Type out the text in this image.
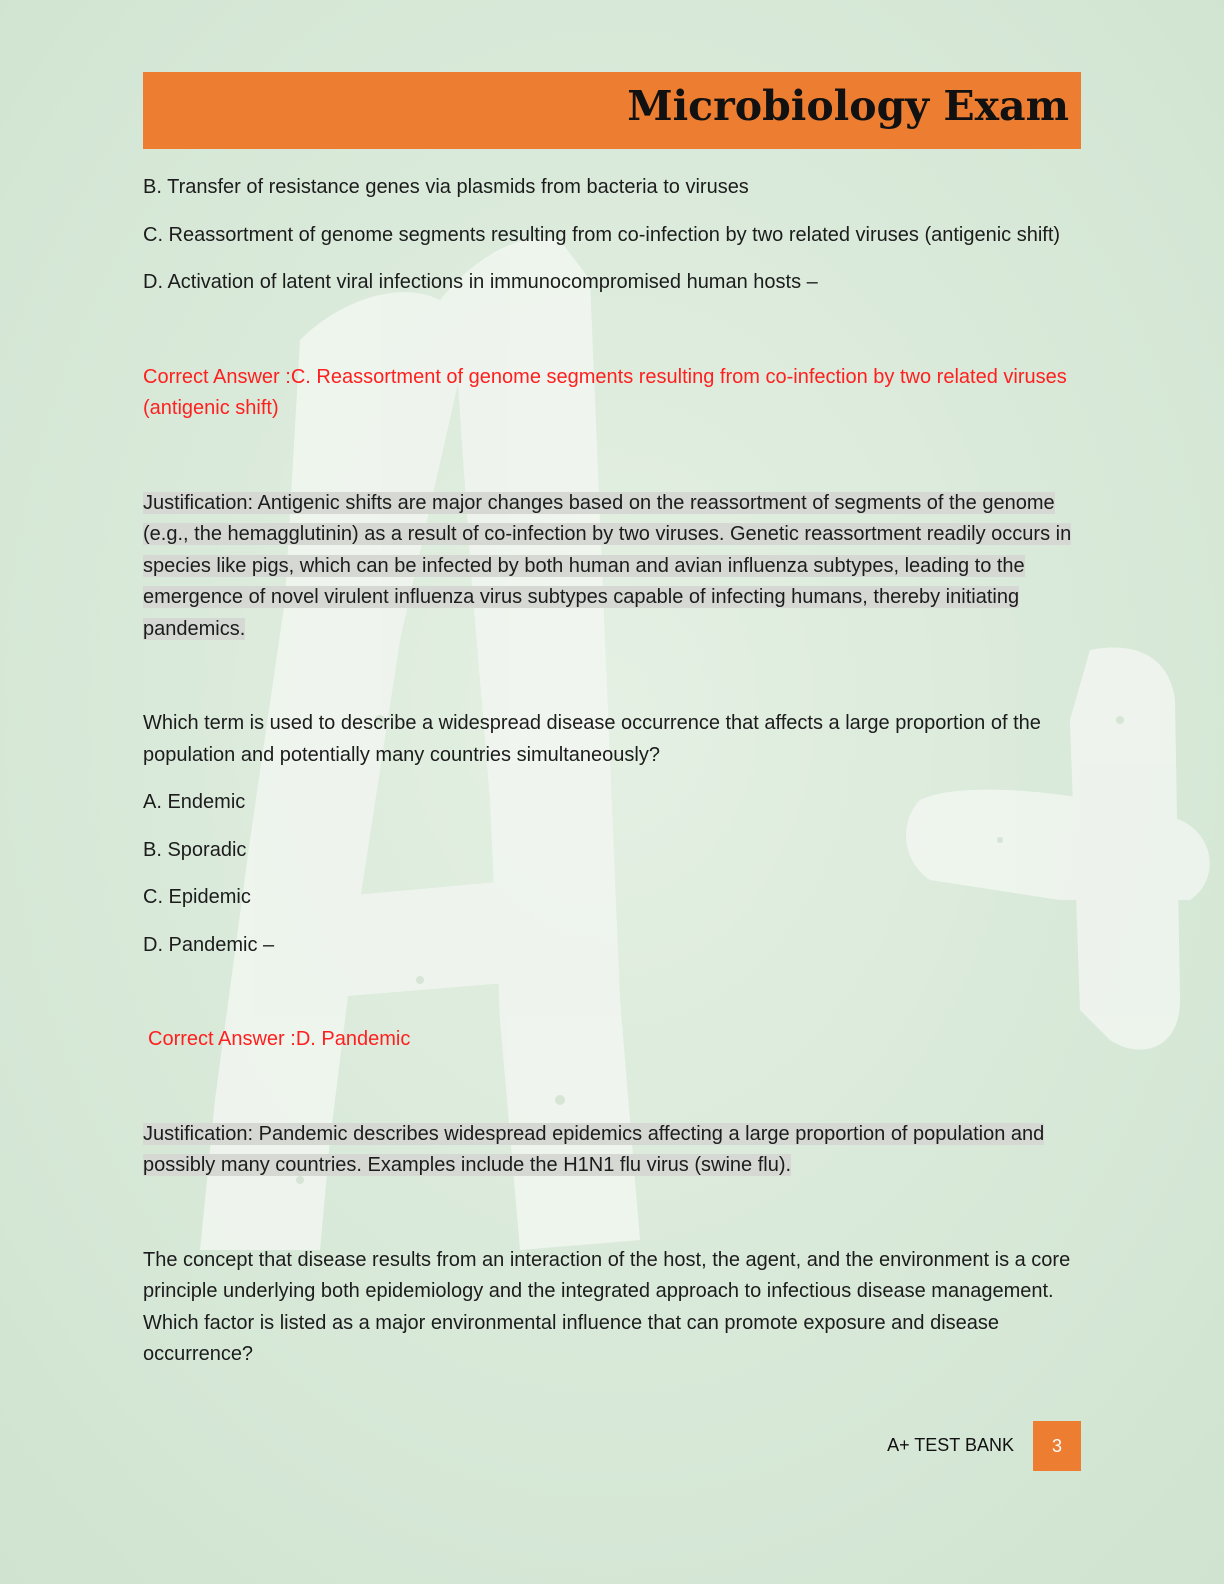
Microbiology Exam

B. Transfer of resistance genes via plasmids from bacteria to viruses

C. Reassortment of genome segments resulting from co-infection by two related viruses (antigenic shift)

D. Activation of latent viral infections in immunocompromised human hosts –

Correct Answer :C. Reassortment of genome segments resulting from co-infection by two related viruses (antigenic shift)

Justification: Antigenic shifts are major changes based on the reassortment of segments of the genome (e.g., the hemagglutinin) as a result of co-infection by two viruses. Genetic reassortment readily occurs in species like pigs, which can be infected by both human and avian influenza subtypes, leading to the emergence of novel virulent influenza virus subtypes capable of infecting humans, thereby initiating pandemics.

Which term is used to describe a widespread disease occurrence that affects a large proportion of the population and potentially many countries simultaneously?

A. Endemic

B. Sporadic

C. Epidemic

D. Pandemic –

Correct Answer :D. Pandemic

Justification: Pandemic describes widespread epidemics affecting a large proportion of population and possibly many countries. Examples include the H1N1 flu virus (swine flu).

The concept that disease results from an interaction of the host, the agent, and the environment is a core principle underlying both epidemiology and the integrated approach to infectious disease management. Which factor is listed as a major environmental influence that can promote exposure and disease occurrence?

A+ TEST BANK	3
